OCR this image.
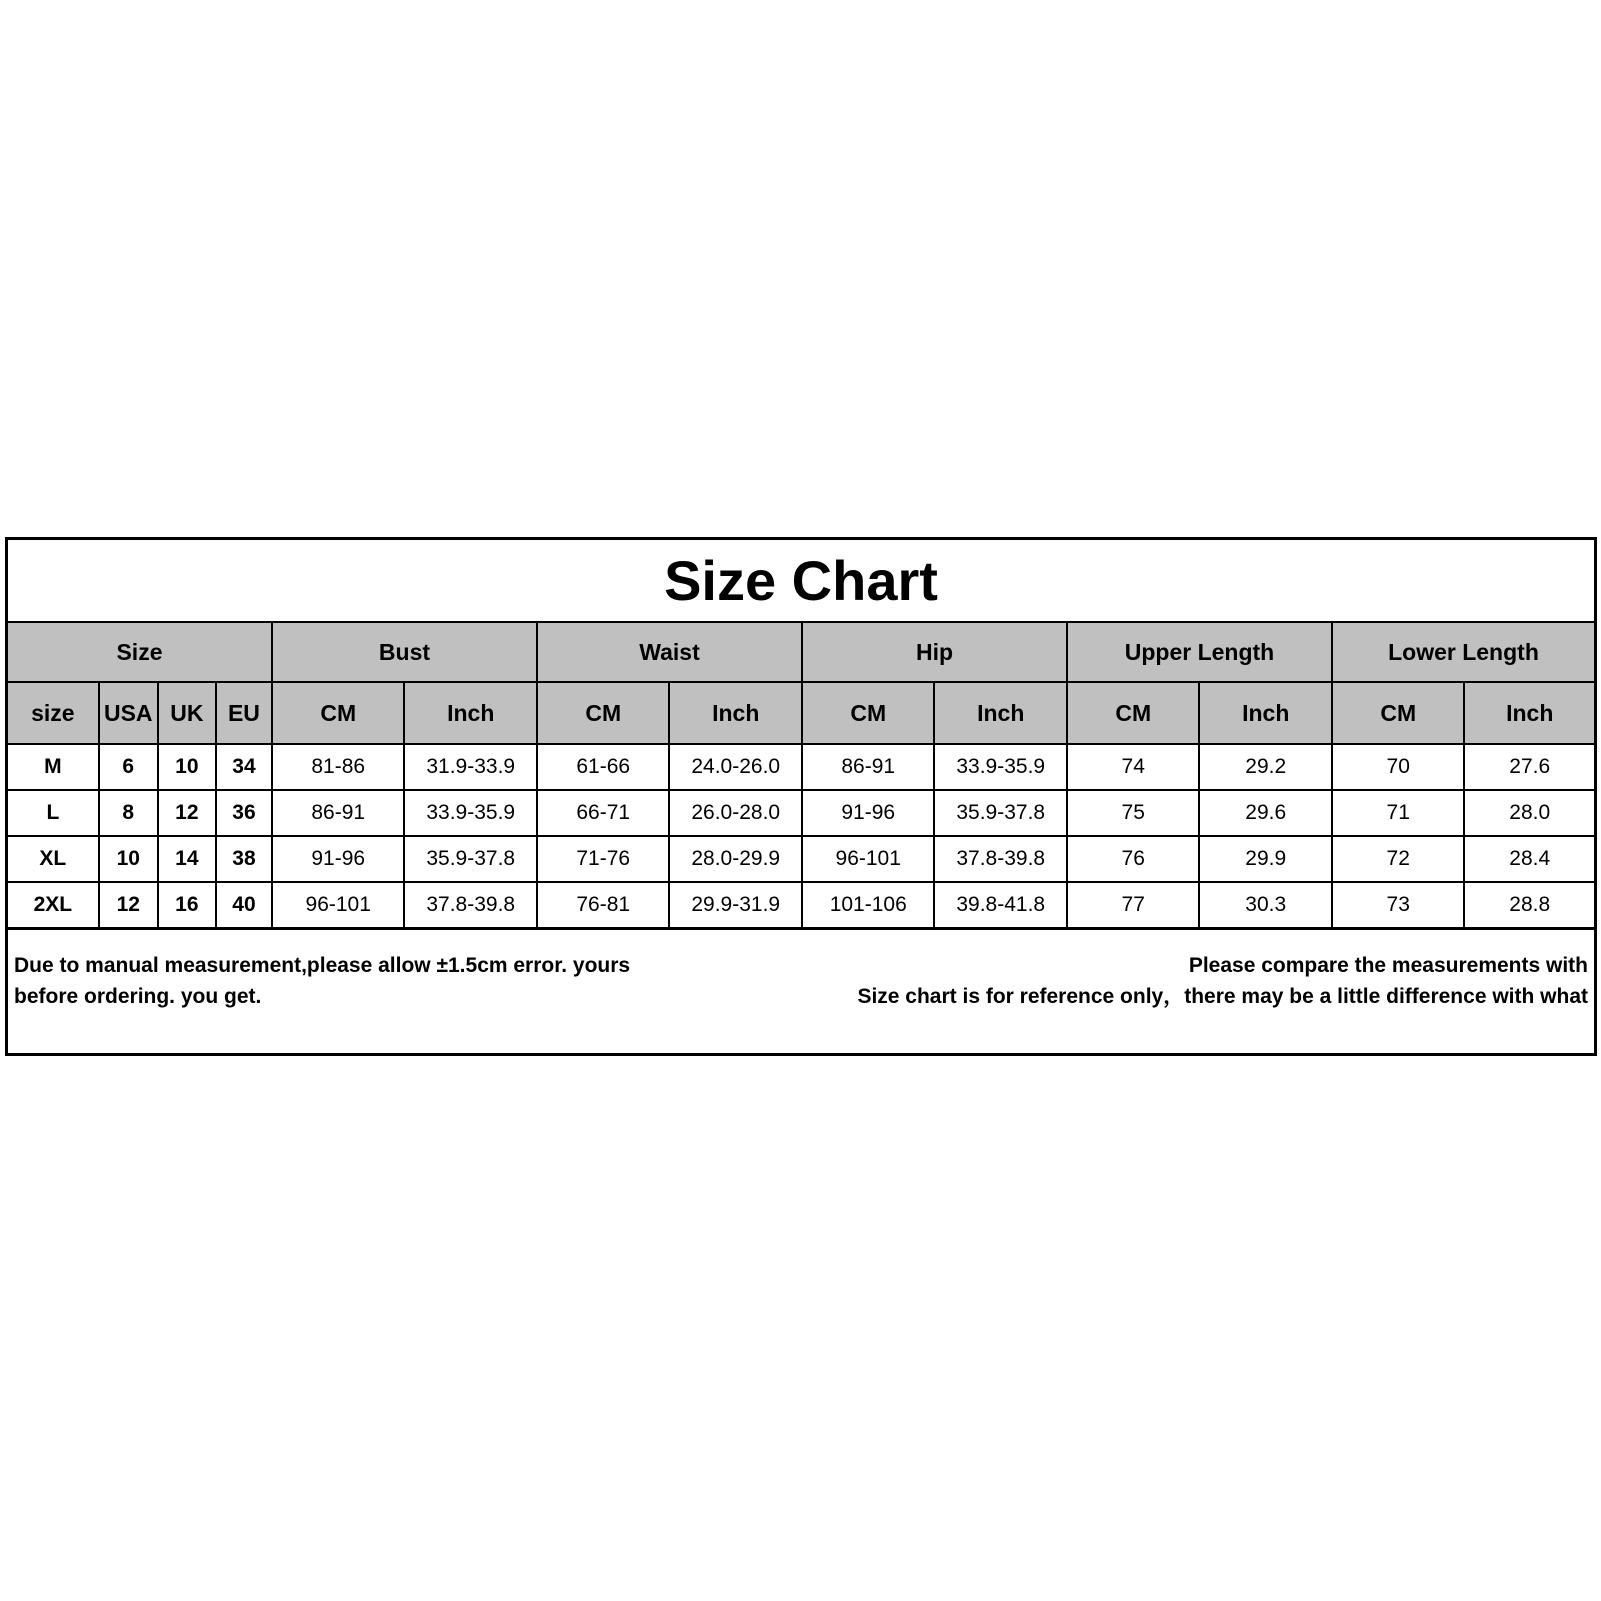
Size Chart
Size				Bust		Waist		Hip		Upper Length		Lower Length	
size	USA	UK	EU	CM	Inch	CM	Inch	CM	Inch	CM	Inch	CM	Inch
M	6	10	34	81-86	31.9-33.9	61-66	24.0-26.0	86-91	33.9-35.9	74	29.2	70	27.6
L	8	12	36	86-91	33.9-35.9	66-71	26.0-28.0	91-96	35.9-37.8	75	29.6	71	28.0
XL	10	14	38	91-96	35.9-37.8	71-76	28.0-29.9	96-101	37.8-39.8	76	29.9	72	28.4
2XL	12	16	40	96-101	37.8-39.8	76-81	29.9-31.9	101-106	39.8-41.8	77	30.3	73	28.8
Due to manual measurement,please allow ±1.5cm error. yours before ordering. you get.
Please compare the measurements with
Size chart is for reference only，there may be a little difference with what
